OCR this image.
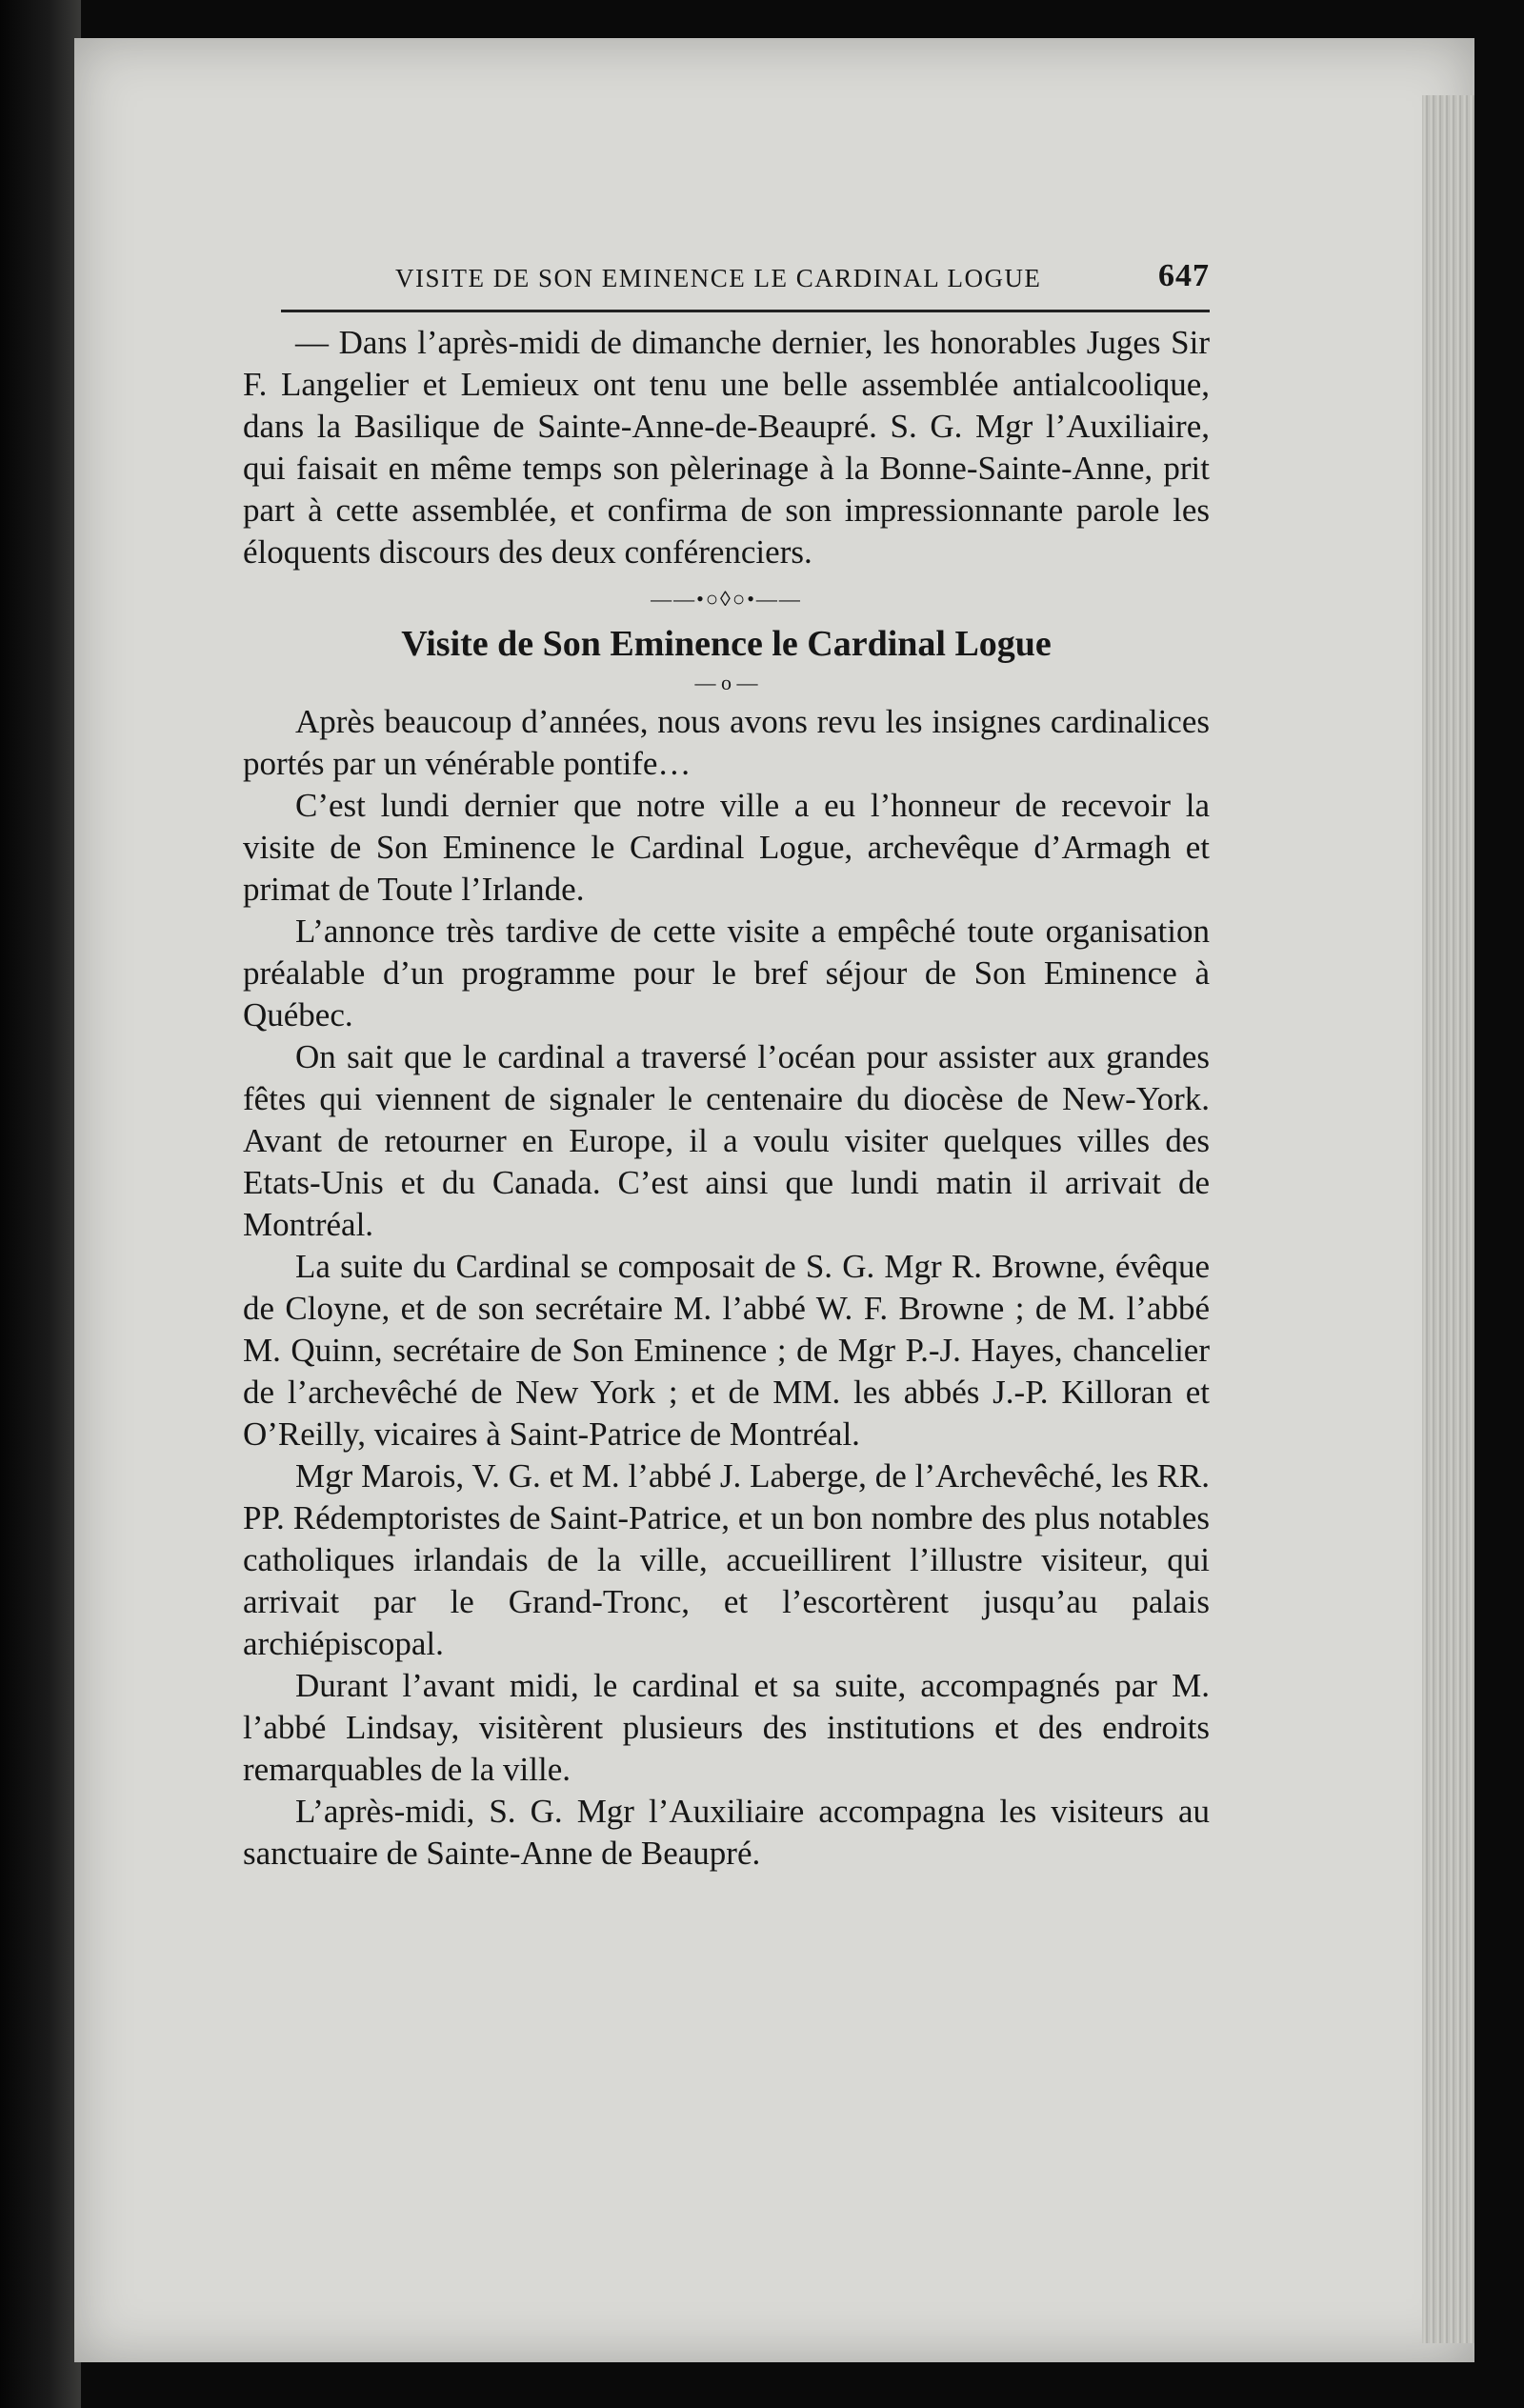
VISITE DE SON EMINENCE LE CARDINAL LOGUE	647

— Dans l’après-midi de dimanche dernier, les honorables Juges Sir F. Langelier et Lemieux ont tenu une belle assemblée antialcoolique, dans la Basilique de Sainte-Anne-de-Beaupré. S. G. Mgr l’Auxiliaire, qui faisait en même temps son pèlerinage à la Bonne-Sainte-Anne, prit part à cette assemblée, et confirma de son impressionnante parole les éloquents discours des deux conférenciers.

——•○◊○•——
Visite de Son Eminence le Cardinal Logue
— o —

Après beaucoup d’années, nous avons revu les insignes cardinalices portés par un vénérable pontife…

C’est lundi dernier que notre ville a eu l’honneur de recevoir la visite de Son Eminence le Cardinal Logue, archevêque d’Armagh et primat de Toute l’Irlande.

L’annonce très tardive de cette visite a empêché toute organisation préalable d’un programme pour le bref séjour de Son Eminence à Québec.

On sait que le cardinal a traversé l’océan pour assister aux grandes fêtes qui viennent de signaler le centenaire du diocèse de New-York. Avant de retourner en Europe, il a voulu visiter quelques villes des Etats-Unis et du Canada. C’est ainsi que lundi matin il arrivait de Montréal.

La suite du Cardinal se composait de S. G. Mgr R. Browne, évêque de Cloyne, et de son secrétaire M. l’abbé W. F. Browne ; de M. l’abbé M. Quinn, secrétaire de Son Eminence ; de Mgr P.-J. Hayes, chancelier de l’archevêché de New York ; et de MM. les abbés J.-P. Killoran et O’Reilly, vicaires à Saint-Patrice de Montréal.

Mgr Marois, V. G. et M. l’abbé J. Laberge, de l’Archevêché, les RR. PP. Rédemptoristes de Saint-Patrice, et un bon nombre des plus notables catholiques irlandais de la ville, accueillirent l’illustre visiteur, qui arrivait par le Grand-Tronc, et l’escortèrent jusqu’au palais archiépiscopal.

Durant l’avant midi, le cardinal et sa suite, accompagnés par M. l’abbé Lindsay, visitèrent plusieurs des institutions et des endroits remarquables de la ville.

L’après-midi, S. G. Mgr l’Auxiliaire accompagna les visiteurs au sanctuaire de Sainte-Anne de Beaupré.
